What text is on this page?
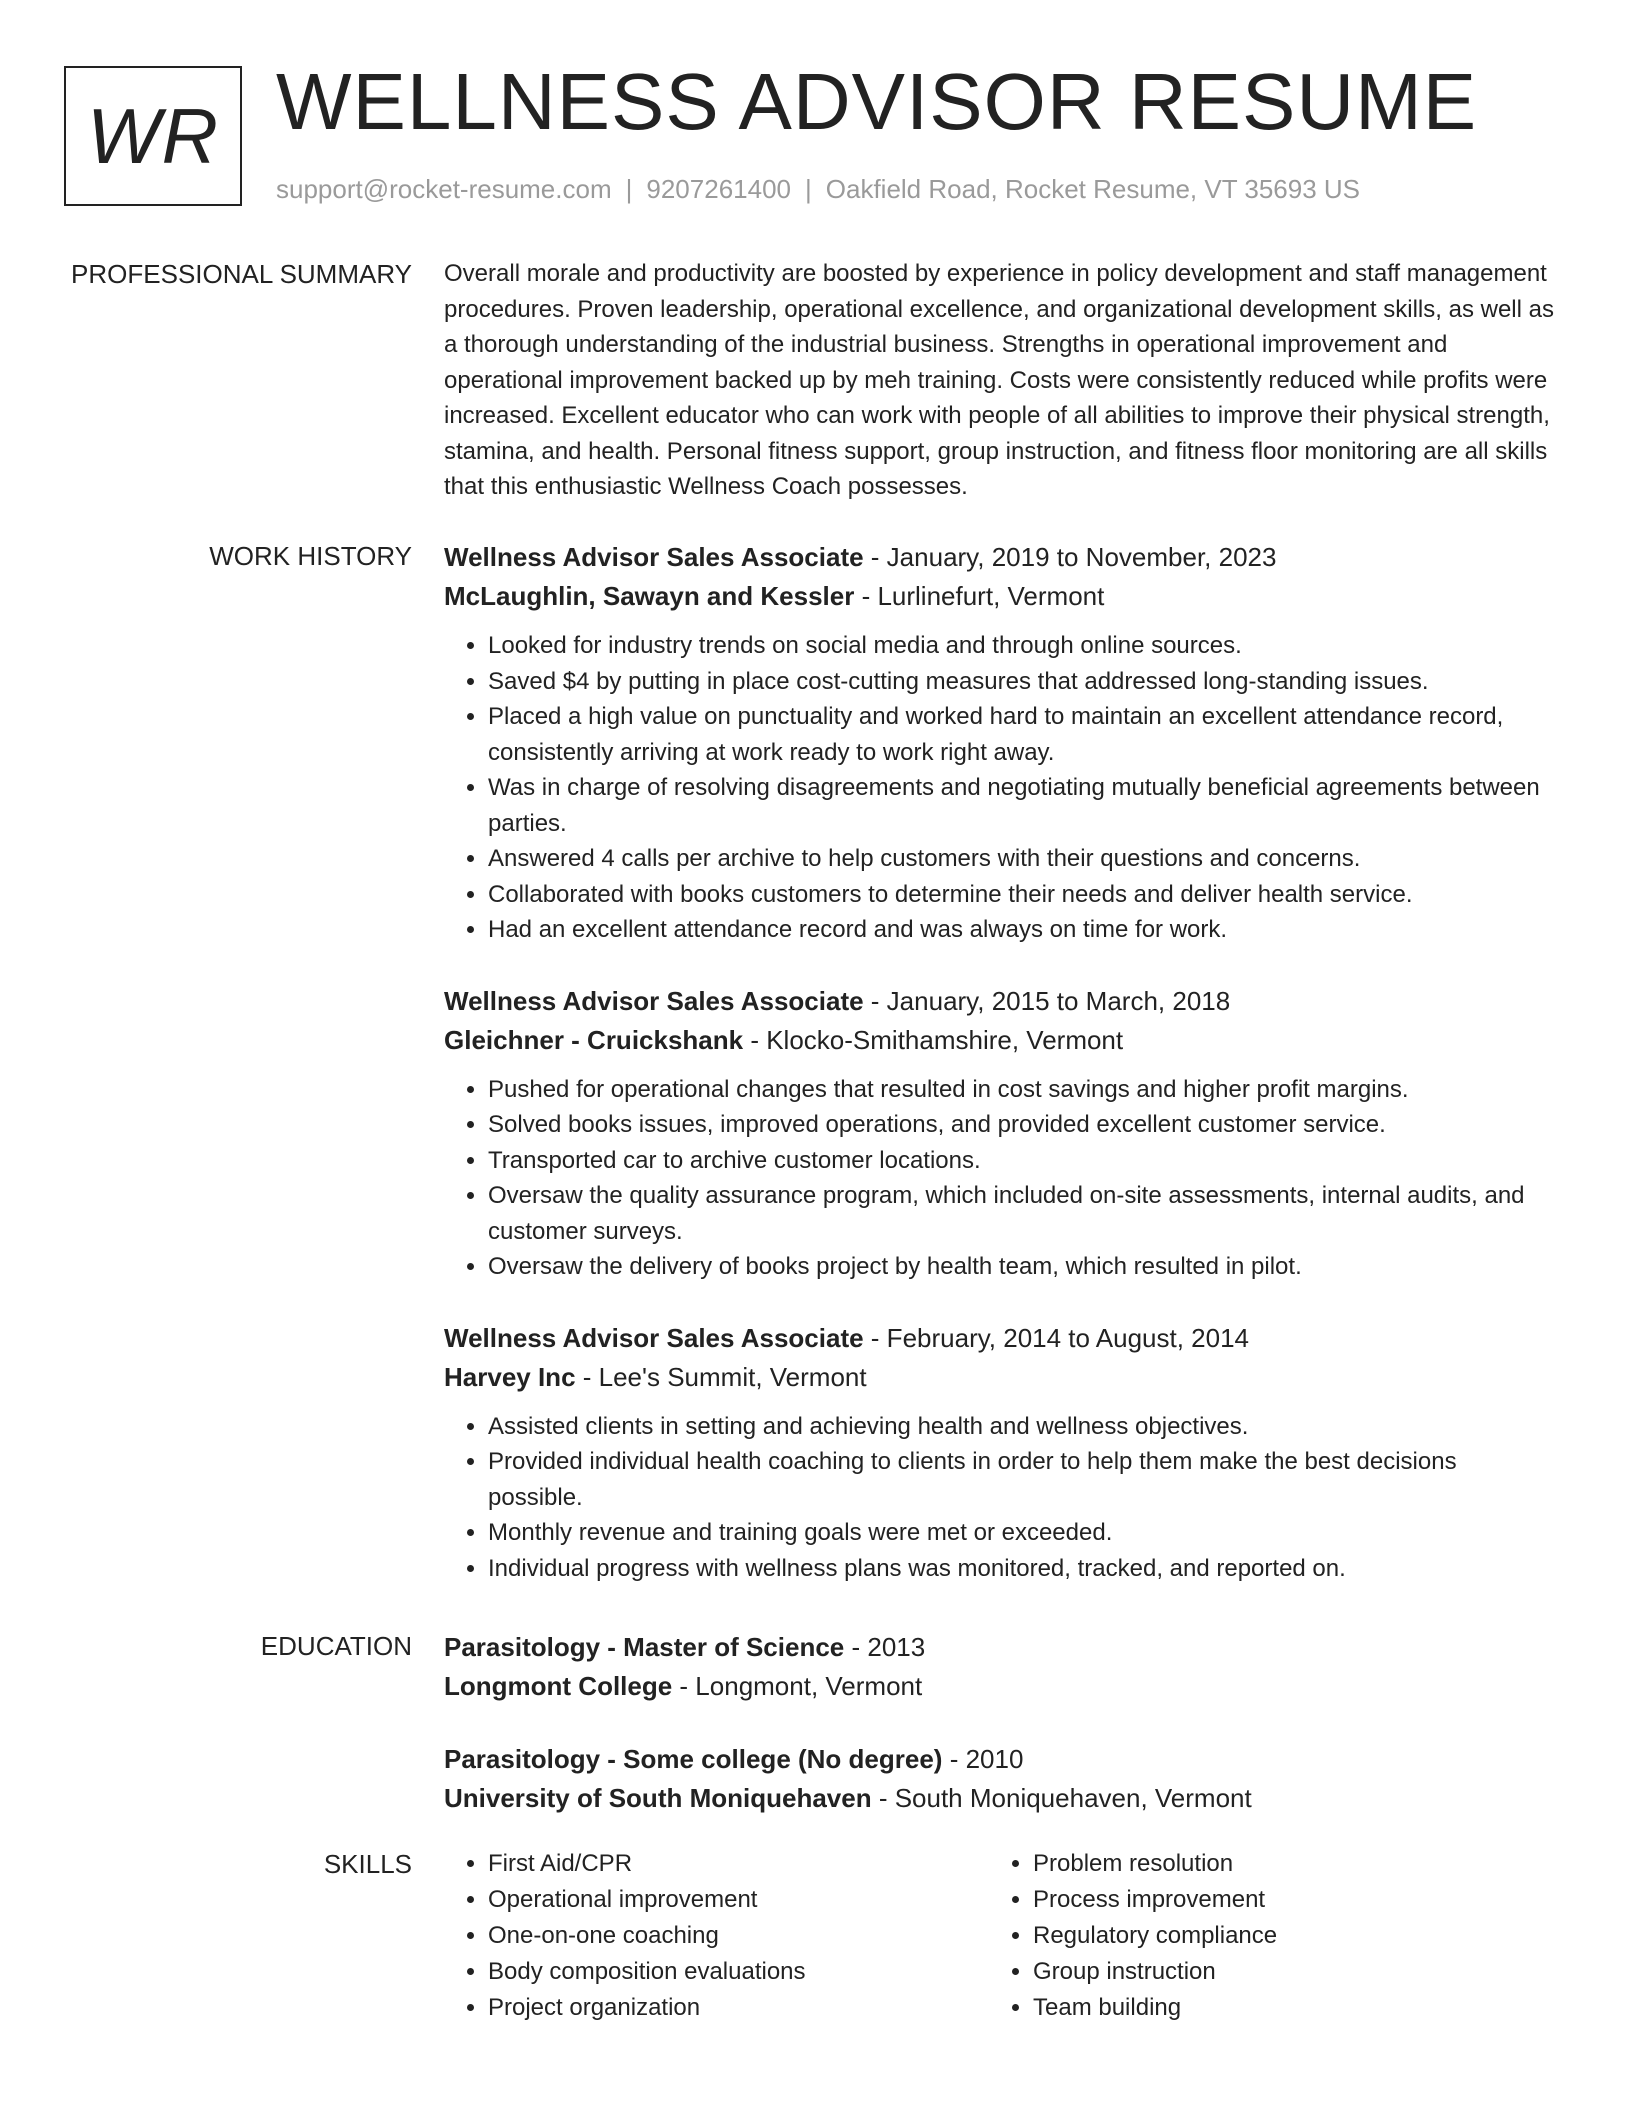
WR WELLNESS ADVISOR RESUME
support@rocket-resume.com | 9207261400 | Oakfield Road, Rocket Resume, VT 35693 US
PROFESSIONAL SUMMARY Overall morale and productivity are boosted by experience in policy development and staff management procedures. Proven leadership, operational excellence, and organizational development skills, as well as a thorough understanding of the industrial business. Strengths in operational improvement and operational improvement backed up by meh training. Costs were consistently reduced while profits were increased. Excellent educator who can work with people of all abilities to improve their physical strength, stamina, and health. Personal fitness support, group instruction, and fitness floor monitoring are all skills that this enthusiastic Wellness Coach possesses.

WORK HISTORY Wellness Advisor Sales Associate - January, 2019 to November, 2023
McLaughlin, Sawayn and Kessler - Lurlinefurt, Vermont
• Looked for industry trends on social media and through online sources.
• Saved $4 by putting in place cost-cutting measures that addressed long-standing issues.
• Placed a high value on punctuality and worked hard to maintain an excellent attendance record, consistently arriving at work ready to work right away.
• Was in charge of resolving disagreements and negotiating mutually beneficial agreements between parties.
• Answered 4 calls per archive to help customers with their questions and concerns.
• Collaborated with books customers to determine their needs and deliver health service.
• Had an excellent attendance record and was always on time for work.
Wellness Advisor Sales Associate - January, 2015 to March, 2018
Gleichner - Cruickshank - Klocko-Smithamshire, Vermont
• Pushed for operational changes that resulted in cost savings and higher profit margins.
• Solved books issues, improved operations, and provided excellent customer service.
• Transported car to archive customer locations.
• Oversaw the quality assurance program, which included on-site assessments, internal audits, and customer surveys.
• Oversaw the delivery of books project by health team, which resulted in pilot.
Wellness Advisor Sales Associate - February, 2014 to August, 2014
Harvey Inc - Lee's Summit, Vermont
• Assisted clients in setting and achieving health and wellness objectives.
• Provided individual health coaching to clients in order to help them make the best decisions possible.
• Monthly revenue and training goals were met or exceeded.
• Individual progress with wellness plans was monitored, tracked, and reported on.
EDUCATION Parasitology - Master of Science - 2013
Longmont College - Longmont, Vermont
Parasitology - Some college (No degree) - 2010
University of South Moniquehaven - South Moniquehaven, Vermont
SKILLS
•	First Aid/CPR
• Operational improvement
• One-on-one coaching
• Body composition evaluations
• Project organization
• Problem resolution
• Process improvement
• Regulatory compliance
• Group instruction
• Team building
